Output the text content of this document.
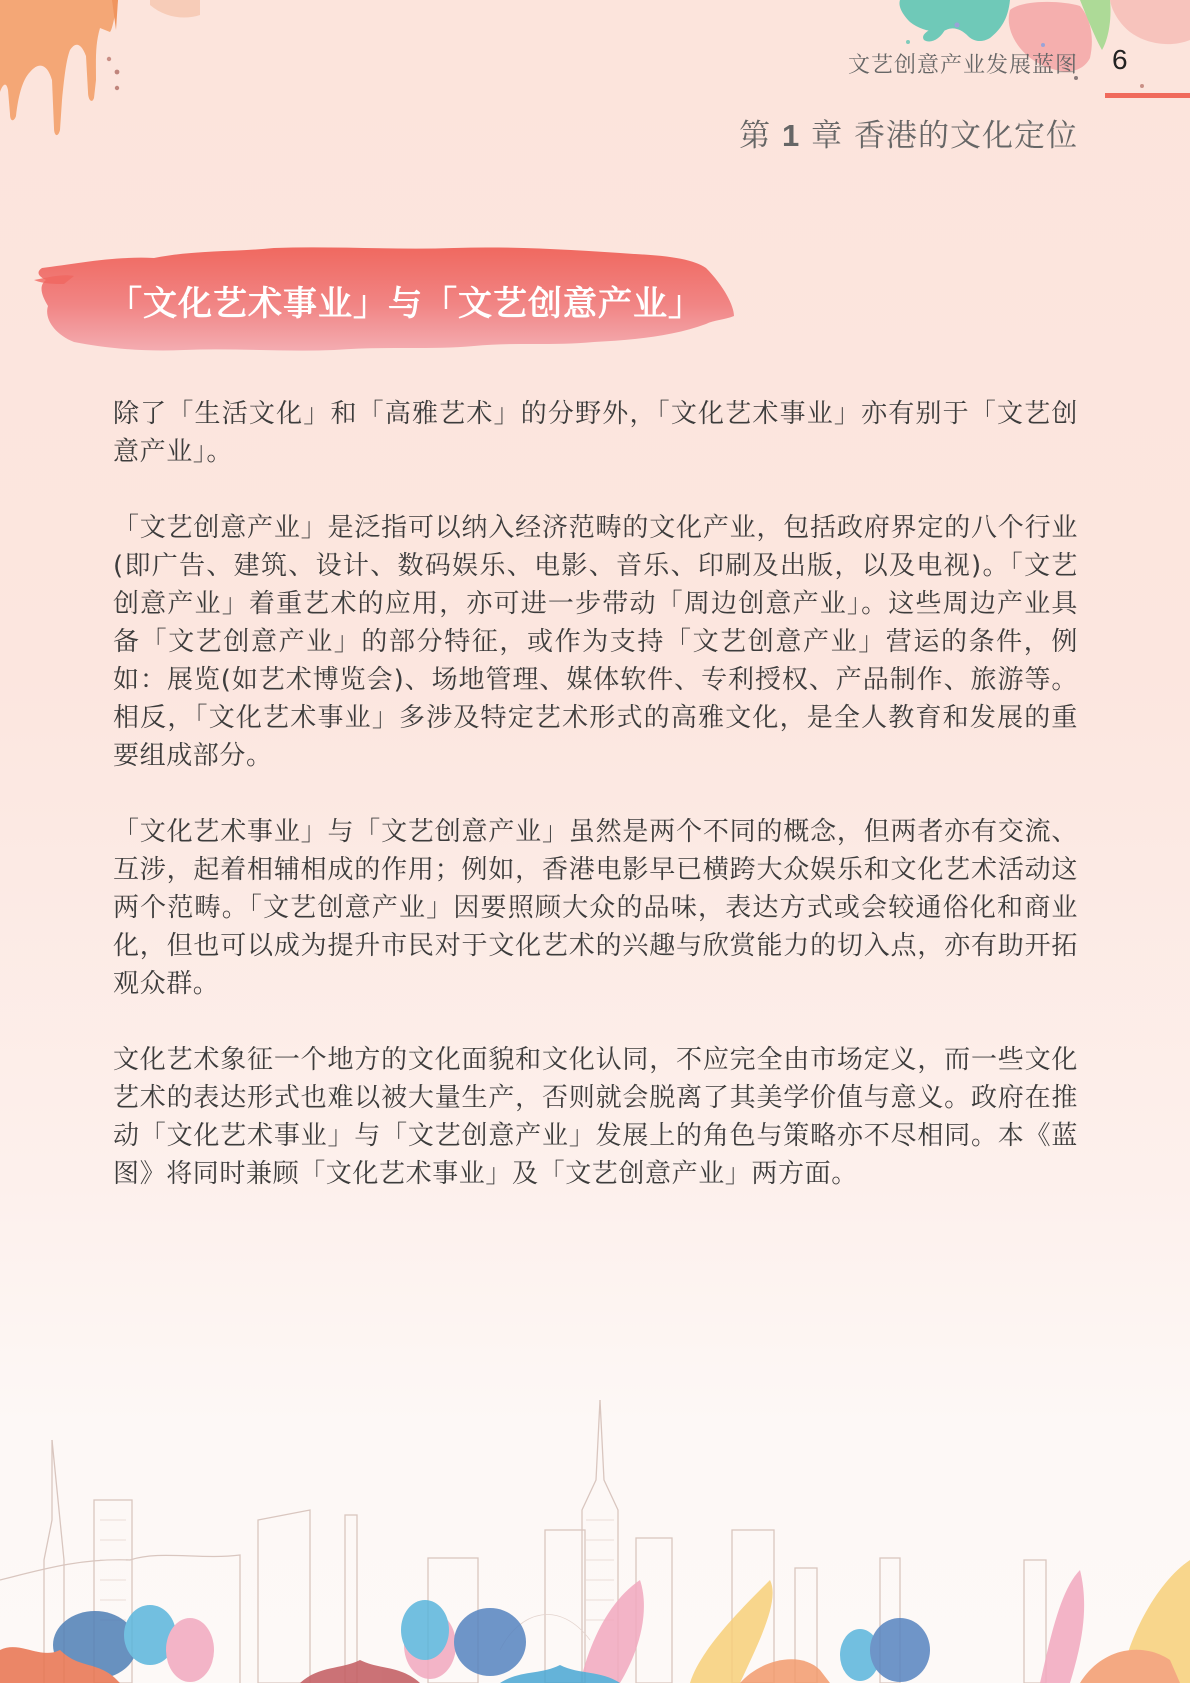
文艺创意产业发展蓝图 6
第 1 章 香港的文化定位
「文化艺术事业」与「文艺创意产业」

除了「生活文化」和「高雅艺术」的分野外，「文化艺术事业」亦有别于「文艺创意产业」。

「文艺创意产业」是泛指可以纳入经济范畴的文化产业，包括政府界定的八个行业(即广告、建筑、设计、数码娱乐、电影、音乐、印刷及出版，以及电视)。「文艺创意产业」着重艺术的应用，亦可进一步带动「周边创意产业」。这些周边产业具备「文艺创意产业」的部分特征，或作为支持「文艺创意产业」营运的条件，例如：展览(如艺术博览会)、场地管理、媒体软件、专利授权、产品制作、旅游等。相反，「文化艺术事业」多涉及特定艺术形式的高雅文化，是全人教育和发展的重要组成部分。

「文化艺术事业」与「文艺创意产业」虽然是两个不同的概念，但两者亦有交流、互涉，起着相辅相成的作用；例如，香港电影早已横跨大众娱乐和文化艺术活动这两个范畴。「文艺创意产业」因要照顾大众的品味，表达方式或会较通俗化和商业化，但也可以成为提升市民对于文化艺术的兴趣与欣赏能力的切入点，亦有助开拓观众群。

文化艺术象征一个地方的文化面貌和文化认同，不应完全由市场定义，而一些文化艺术的表达形式也难以被大量生产，否则就会脱离了其美学价值与意义。政府在推动「文化艺术事业」与「文艺创意产业」发展上的角色与策略亦不尽相同。本《蓝图》将同时兼顾「文化艺术事业」及「文艺创意产业」两方面。
